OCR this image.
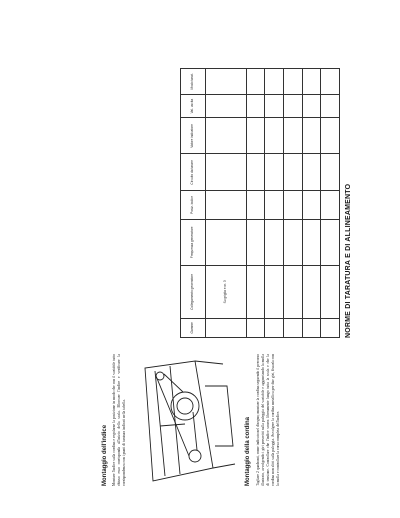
Montaggio della cordina Tagliare 2 quadranti, come indicato nel disegno; montare la cordina seguendo il percorso illustrato, avvolgendo i giri prescritti sulla puleggia del variabile e agganciando la molla di tensione. Controllare che l'indice scorra liberamente lungo tutta la scala e che la cordina non slitti sulla puleggia. Avvolgere la cordina metallica per due giri, fissarla con la molla e controllare la corsa completa dell'indice.

Montaggio dell'indice Montare l'indice sulla cordina e regolarne la posizione in modo che con il variabile tutto chiuso esso corrisponda all'inizio della scala. Bloccare l'indice e verificare la corrispondenza con i punti di taratura indicati nella tabella.

NORME DI TARATURA E DI ALLINEAMENTO
Gamme	Collegamento generatore	Frequenza generatore	Posiz. indice	Circuito da tarare	Valore indicatore	Val. uscita	Modo tarat.
	Su griglia e nr. 3						
